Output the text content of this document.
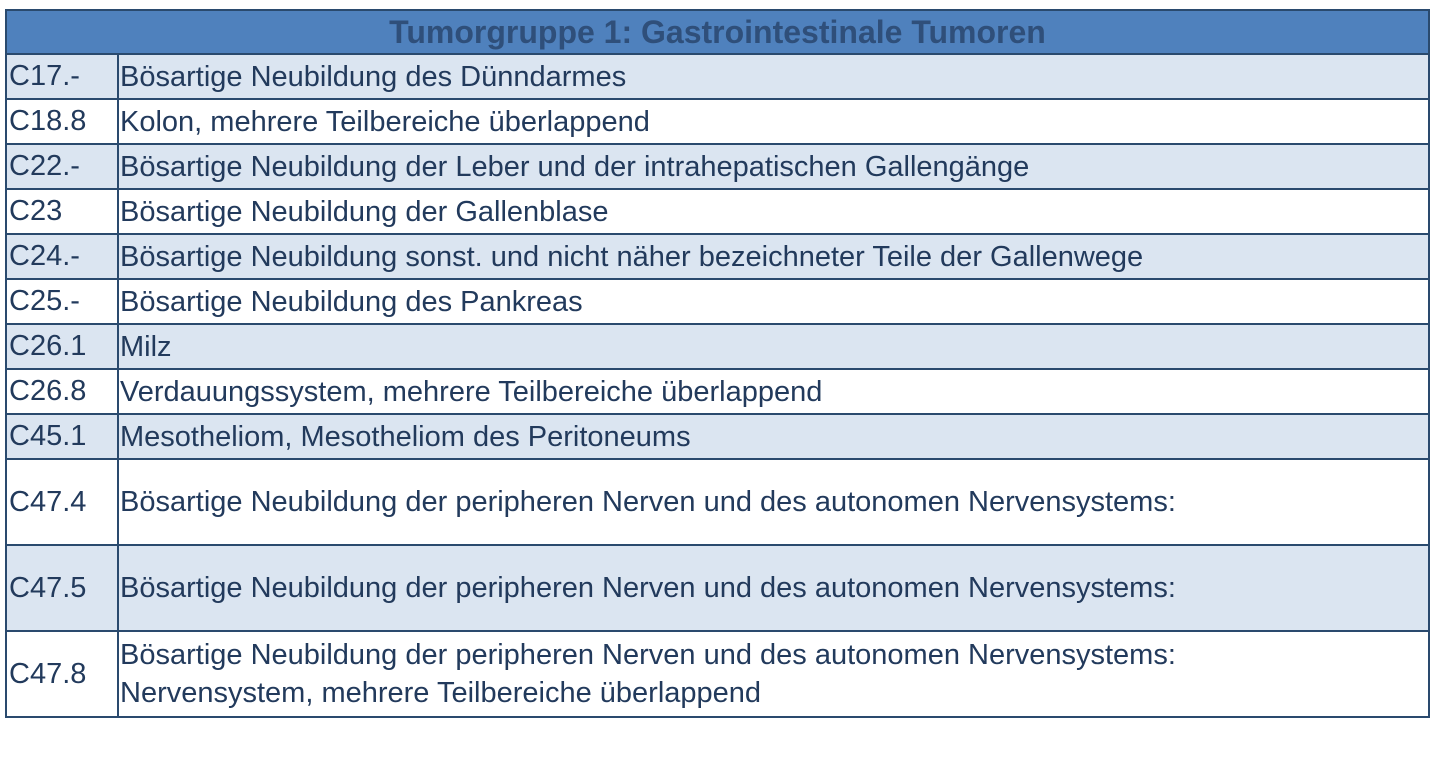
Tumorgruppe 1: Gastrointestinale Tumoren	
C17.-	Bösartige Neubildung des Dünndarmes

C18.8	Kolon, mehrere Teilbereiche überlappend

C22.-	Bösartige Neubildung der Leber und der intrahepatischen Gallengänge

C23	Bösartige Neubildung der Gallenblase

C24.-	Bösartige Neubildung sonst. und nicht näher bezeichneter Teile der Gallenwege

C25.-	Bösartige Neubildung des Pankreas

C26.1	Milz

C26.8	Verdauungssystem, mehrere Teilbereiche überlappend

C45.1	Mesotheliom, Mesotheliom des Peritoneums

C47.4	Bösartige Neubildung der peripheren Nerven und des autonomen Nervensystems:

C47.5	Bösartige Neubildung der peripheren Nerven und des autonomen Nervensystems:

C47.8	Bösartige Neubildung der peripheren Nerven und des autonomen Nervensystems:
Nervensystem, mehrere Teilbereiche überlappend
